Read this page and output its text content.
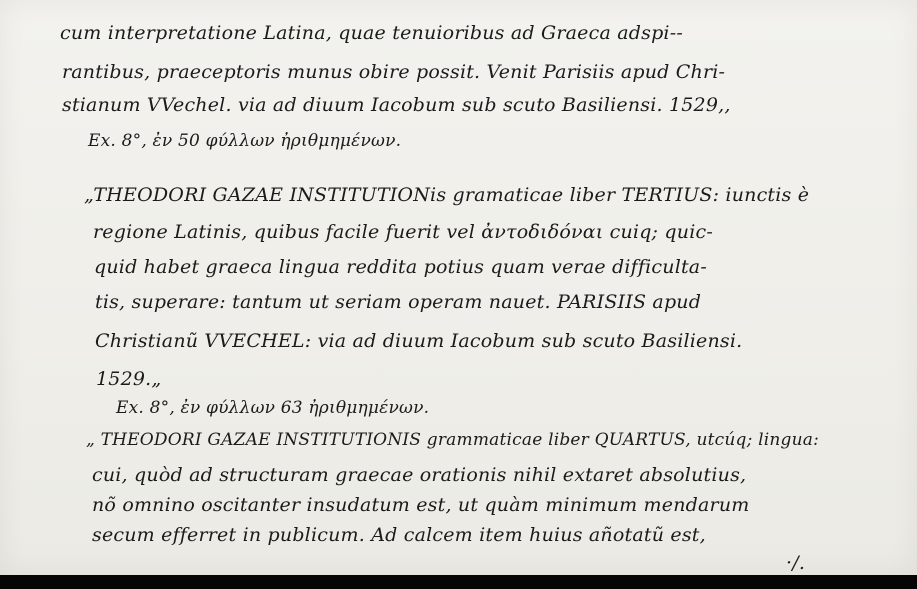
cum interpretatione Latina, quae tenuioribus ad Graeca adspi--
rantibus, praeceptoris munus obire possit. Venit Parisiis apud Chri-
stianum VVechel. via ad diuum Iacobum sub scuto Basiliensi. 1529,,
Ex. 8°, ἐν 50 φύλλων ἠριθμημένων.
„THEODORI GAZAE INSTITUTIONis gramaticae liber TERTIUS: iunctis è
regione Latinis, quibus facile fuerit vel ἀντοδιδόναι cuiq; quic-
quid habet graeca lingua reddita potius quam verae difficulta-
tis, superare: tantum ut seriam operam nauet. PARISIIS apud
Christianũ VVECHEL: via ad diuum Iacobum sub scuto Basiliensi.
1529.„
Ex. 8°, ἐν φύλλων 63 ἠριθμημένων.
„ THEODORI GAZAE INSTITUTIONIS grammaticae liber QUARTUS, utcúq; lingua:
cui, quòd ad structuram graecae orationis nihil extaret absolutius,
nõ omnino oscitanter insudatum est, ut quàm minimum mendarum
secum efferret in publicum. Ad calcem item huius añotatũ est,
·/.
